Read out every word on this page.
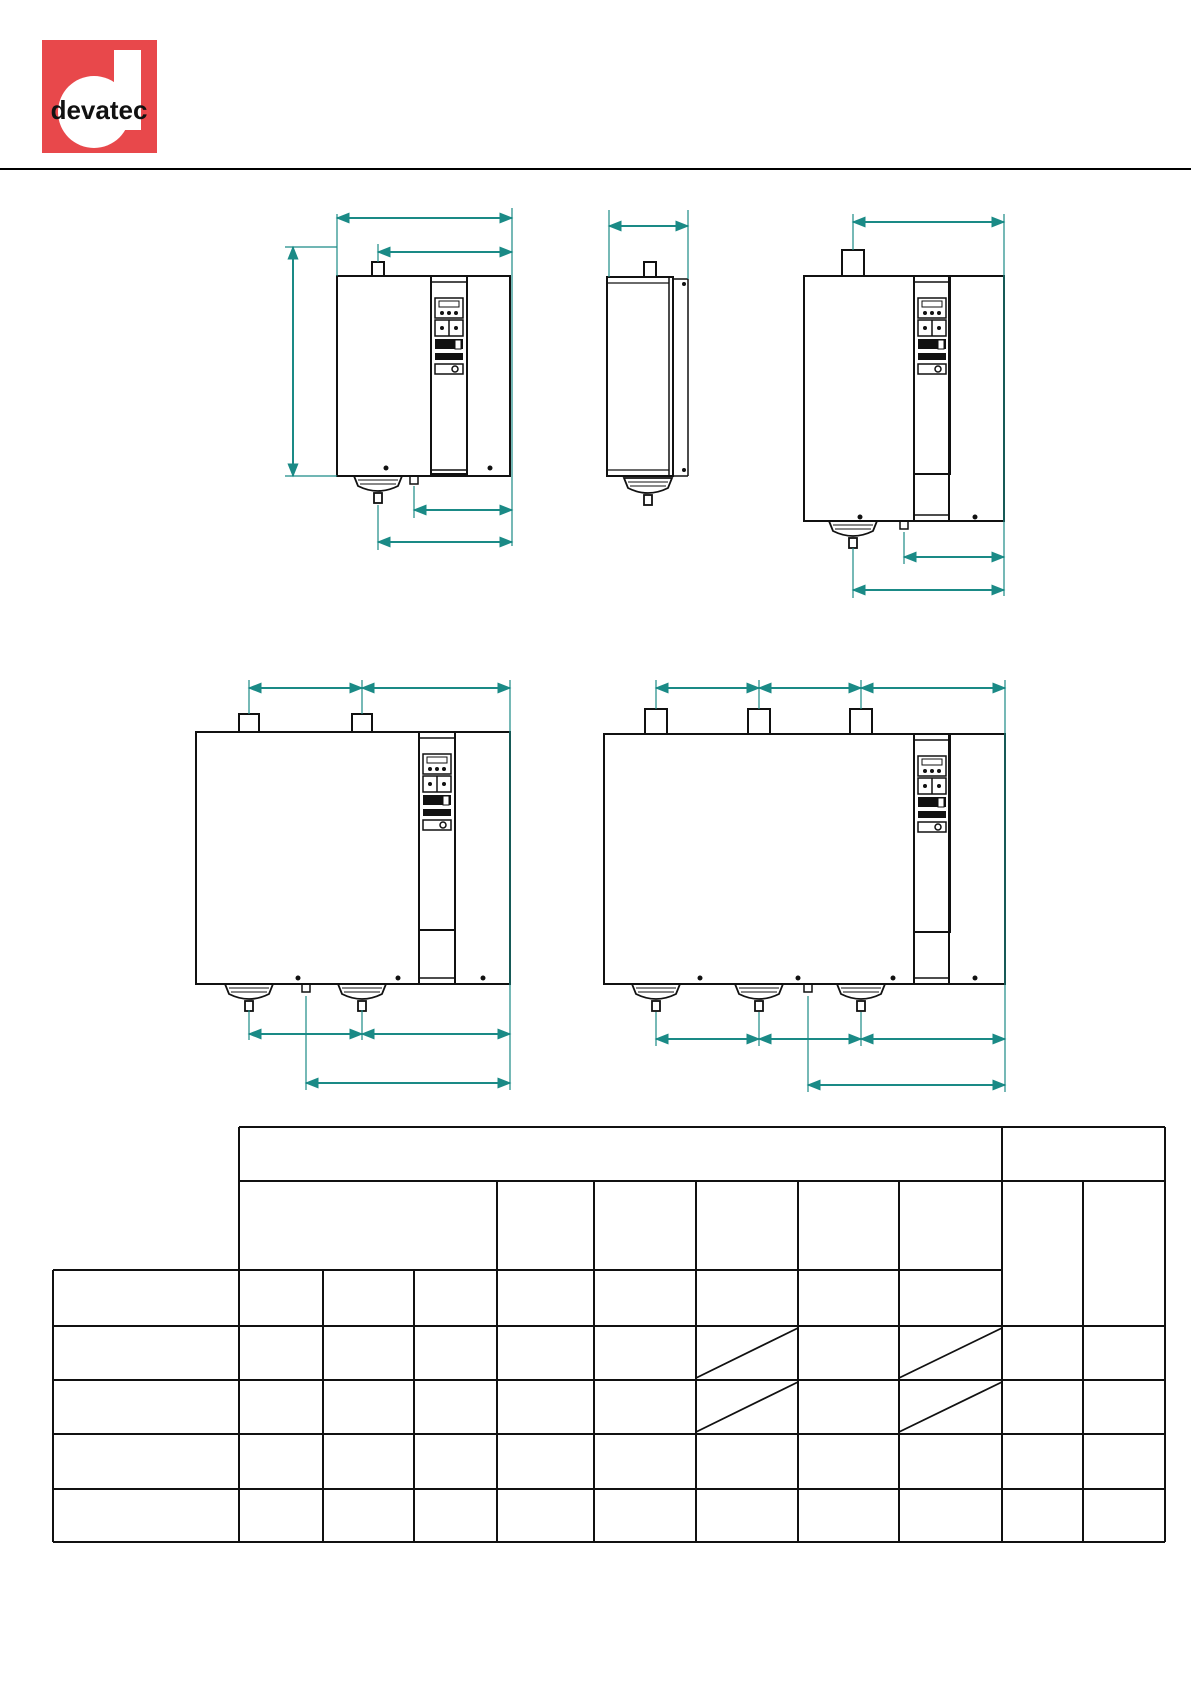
devatec
